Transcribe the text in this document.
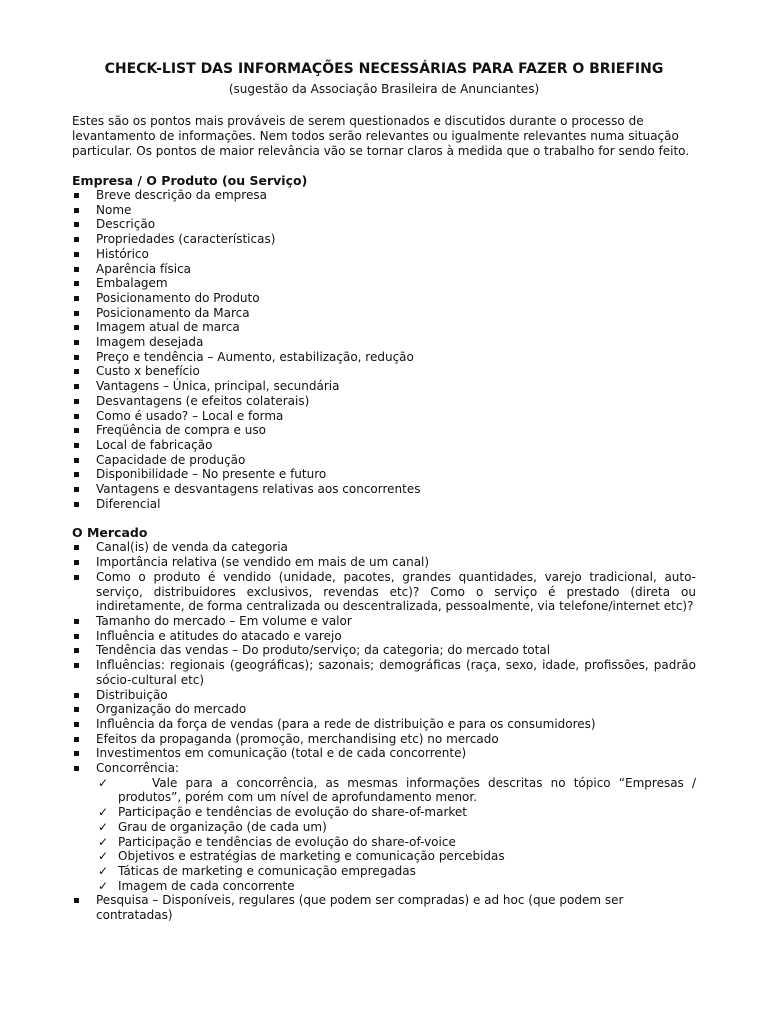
CHECK-LIST DAS INFORMAÇÕES NECESSÁRIAS PARA FAZER O BRIEFING

(sugestão da Associação Brasileira de Anunciantes)

Estes são os pontos mais prováveis de serem questionados e discutidos durante o processo de levantamento de informações. Nem todos serão relevantes ou igualmente relevantes numa situação particular. Os pontos de maior relevância vão se tornar claros à medida que o trabalho for sendo feito.

Empresa / O Produto (ou Serviço)
Breve descrição da empresa
Nome
Descrição
Propriedades (características)
Histórico
Aparência física
Embalagem
Posicionamento do Produto
Posicionamento da Marca
Imagem atual de marca
Imagem desejada
Preço e tendência – Aumento, estabilização, redução
Custo x benefício
Vantagens – Única, principal, secundária
Desvantagens (e efeitos colaterais)
Como é usado? – Local e forma
Freqüência de compra e uso
Local de fabricação
Capacidade de produção
Disponibilidade – No presente e futuro
Vantagens e desvantagens relativas aos concorrentes
Diferencial
O Mercado
Canal(is) de venda da categoria
Importância relativa (se vendido em mais de um canal)
Como o produto é vendido (unidade, pacotes, grandes quantidades, varejo tradicional, auto-serviço, distribuidores exclusivos, revendas etc)? Como o serviço é prestado (direta ou indiretamente, de forma centralizada ou descentralizada, pessoalmente, via telefone/internet etc)?
Tamanho do mercado – Em volume e valor
Influência e atitudes do atacado e varejo
Tendência das vendas – Do produto/serviço; da categoria; do mercado total
Influências: regionais (geográficas); sazonais; demográficas (raça, sexo, idade, profissões, padrão sócio-cultural etc)
Distribuição
Organização do mercado
Influência da força de vendas (para a rede de distribuição e para os consumidores)
Efeitos da propaganda (promoção, merchandising etc) no mercado
Investimentos em comunicação (total e de cada concorrente)
Concorrência:
✓	Vale para a concorrência, as mesmas informações descritas no tópico “Empresas / produtos”, porém com um nível de aprofundamento menor.
✓ Participação e tendências de evolução do share-of-market
✓ Grau de organização (de cada um)
✓ Participação e tendências de evolução do share-of-voice
✓ Objetivos e estratégias de marketing e comunicação percebidas
✓ Táticas de marketing e comunicação empregadas
✓ Imagem de cada concorrente
Pesquisa – Disponíveis, regulares (que podem ser compradas) e ad hoc (que podem ser contratadas)
